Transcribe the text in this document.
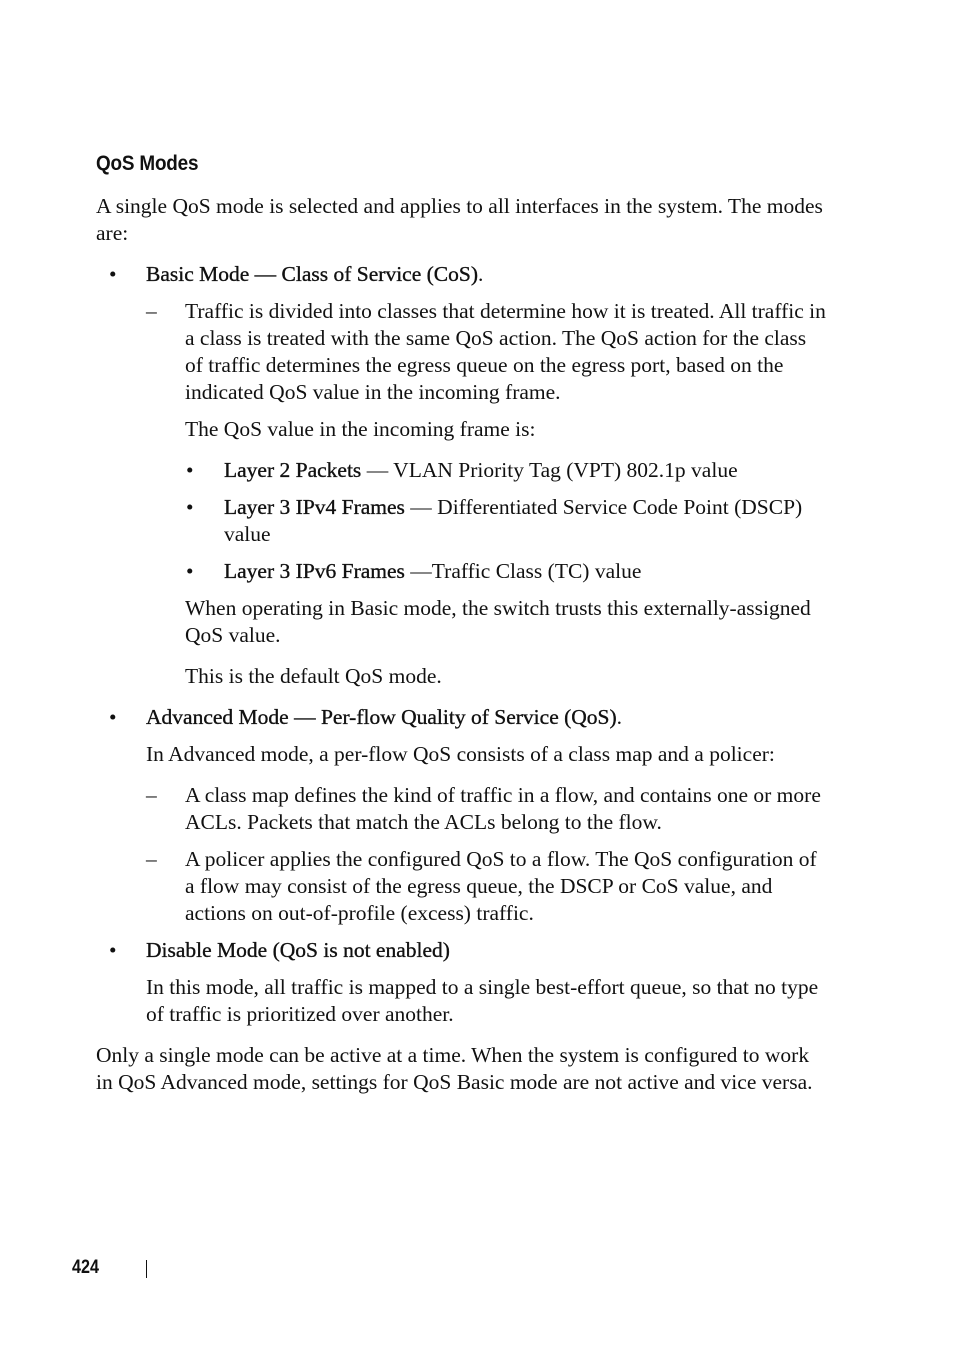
QoS Modes

A single QoS mode is selected and applies to all interfaces in the system. The modes are:

• Basic Mode — Class of Service (CoS).
– Traffic is divided into classes that determine how it is treated. All traffic in a class is treated with the same QoS action. The QoS action for the class of traffic determines the egress queue on the egress port, based on the indicated QoS value in the incoming frame.

The QoS value in the incoming frame is:

• Layer 2 Packets — VLAN Priority Tag (VPT) 802.1p value
• Layer 3 IPv4 Frames — Differentiated Service Code Point (DSCP) value
• Layer 3 IPv6 Frames —Traffic Class (TC) value

When operating in Basic mode, the switch trusts this externally-assigned QoS value.

This is the default QoS mode.

• Advanced Mode — Per-flow Quality of Service (QoS).

In Advanced mode, a per-flow QoS consists of a class map and a policer:

– A class map defines the kind of traffic in a flow, and contains one or more ACLs. Packets that match the ACLs belong to the flow.

– A policer applies the configured QoS to a flow. The QoS configuration of a flow may consist of the egress queue, the DSCP or CoS value, and actions on out-of-profile (excess) traffic.

• Disable Mode (QoS is not enabled)

In this mode, all traffic is mapped to a single best-effort queue, so that no type of traffic is prioritized over another.

Only a single mode can be active at a time. When the system is configured to work in QoS Advanced mode, settings for QoS Basic mode are not active and vice versa.

424
